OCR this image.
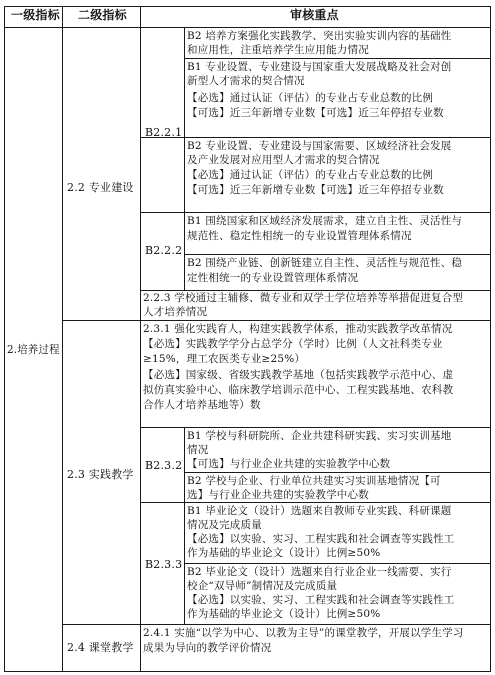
一级指标 二级指标	审核重点
2.培养过程
2.2 专业建设
2.3 实践教学
2.4 课堂教学
B2.2.1
B2.2.2
B2.3.2
B2.3.3
B2 培养方案强化实践教学、突出实验实训内容的基础性
和应用性，注重培养学生应用能力情况
B1 专业设置、专业建设与国家重大发展战略及社会对创
新型人才需求的契合情况
【必选】通过认证（评估）的专业占专业总数的比例
【可选】近三年新增专业数【可选】近三年停招专业数
B2 专业设置、专业建设与国家需要、区域经济社会发展
及产业发展对应用型人才需求的契合情况
【必选】通过认证（评估）的专业占专业总数的比例
【可选】近三年新增专业数【可选】近三年停招专业数
B1 围绕国家和区域经济发展需求，建立自主性、灵活性与
规范性、稳定性相统一的专业设置管理体系情况
B2 围绕产业链、创新链建立自主性、灵活性与规范性、稳
定性相统一的专业设置管理体系情况
2.2.3 学校通过主辅修、微专业和双学士学位培养等举措促进复合型
人才培养情况
2.3.1 强化实践育人，构建实践教学体系，推动实践教学改革情况
【必选】实践教学学分占总学分（学时）比例（人文社科类专业
≥15%，理工农医类专业≥25%）
【必选】国家级、省级实践教学基地（包括实践教学示范中心、虚
拟仿真实验中心、临床教学培训示范中心、工程实践基地、农科教
合作人才培养基地等）数
B1 学校与科研院所、企业共建科研实践、实习实训基地
情况
【可选】与行业企业共建的实验教学中心数
B2 学校与企业、行业单位共建实习实训基地情况【可
选】与行业企业共建的实验教学中心数
B1 毕业论文（设计）选题来自教师专业实践、科研课题
情况及完成质量
【必选】以实验、实习、工程实践和社会调查等实践性工
作为基础的毕业论文（设计）比例≥50%
B2 毕业论文（设计）选题来自行业企业一线需要、实行
校企“双导师”制情况及完成质量
【必选】以实验、实习、工程实践和社会调查等实践性工
作为基础的毕业论文（设计）比例≥50%
2.4.1 实施“以学为中心、以教为主导”的课堂教学，开展以学生学习
成果为导向的教学评价情况
